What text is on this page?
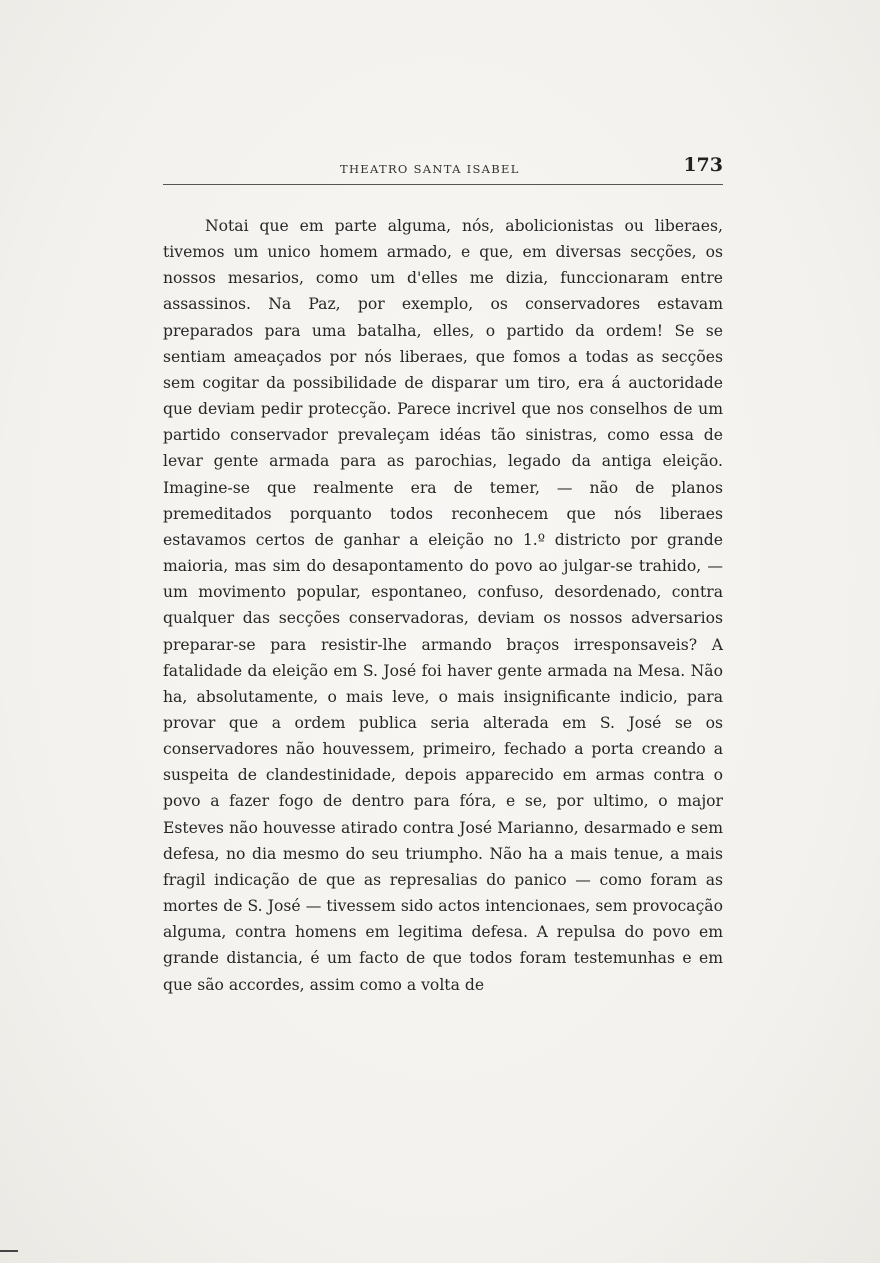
THEATRO SANTA ISABEL	173

Notai que em parte alguma, nós, abolicionistas ou liberaes, tivemos um unico homem armado, e que, em diversas secções, os nossos mesarios, como um d'elles me dizia, funccionaram entre assassinos. Na Paz, por exemplo, os conservadores estavam preparados para uma batalha, elles, o partido da ordem! Se se sentiam ameaçados por nós liberaes, que fomos a todas as secções sem cogitar da possibilidade de disparar um tiro, era á auctoridade que deviam pedir protecção. Parece incrivel que nos conselhos de um partido conservador prevaleçam idéas tão sinistras, como essa de levar gente armada para as parochias, legado da antiga eleição. Imagine-se que realmente era de temer, — não de planos premeditados porquanto todos reconhecem que nós liberaes estavamos certos de ganhar a eleição no 1.º districto por grande maioria, mas sim do desapontamento do povo ao julgar-se trahido, — um movimento popular, espontaneo, confuso, desordenado, contra qualquer das secções conservadoras, deviam os nossos adversarios preparar-se para resistir-lhe armando braços irresponsaveis? A fatalidade da eleição em S. José foi haver gente armada na Mesa. Não ha, absolutamente, o mais leve, o mais insignificante indicio, para provar que a ordem publica seria alterada em S. José se os conservadores não houvessem, primeiro, fechado a porta creando a suspeita de clandestinidade, depois apparecido em armas contra o povo a fazer fogo de dentro para fóra, e se, por ultimo, o major Esteves não houvesse atirado contra José Marianno, desarmado e sem defesa, no dia mesmo do seu triumpho. Não ha a mais tenue, a mais fragil indicação de que as represalias do panico — como foram as mortes de S. José — tivessem sido actos intencionaes, sem provocação alguma, contra homens em legitima defesa. A repulsa do povo em grande distancia, é um facto de que todos foram testemunhas e em que são accordes, assim como a volta de
